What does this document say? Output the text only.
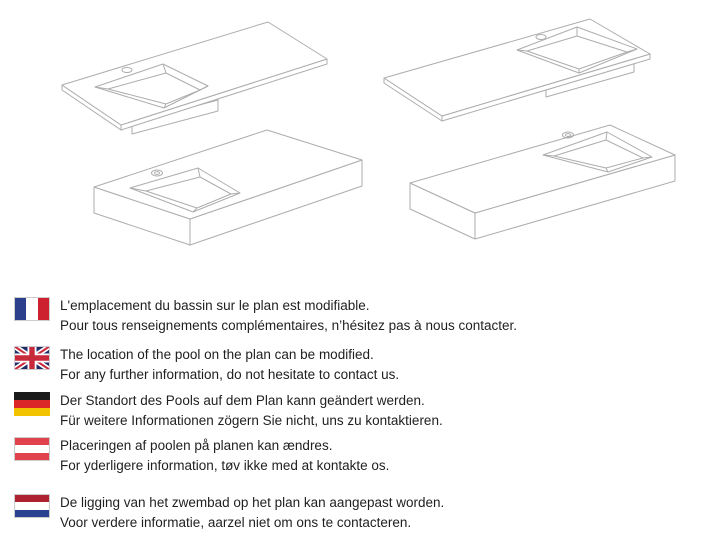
L'emplacement du bassin sur le plan est modifiable.
Pour tous renseignements complémentaires, n’hésitez pas à nous contacter.
The location of the pool on the plan can be modified.
For any further information, do not hesitate to contact us.
Der Standort des Pools auf dem Plan kann geändert werden.
Für weitere Informationen zögern Sie nicht, uns zu kontaktieren.
Placeringen af poolen på planen kan ændres.
For yderligere information, tøv ikke med at kontakte os.
De ligging van het zwembad op het plan kan aangepast worden.
Voor verdere informatie, aarzel niet om ons te contacteren.
